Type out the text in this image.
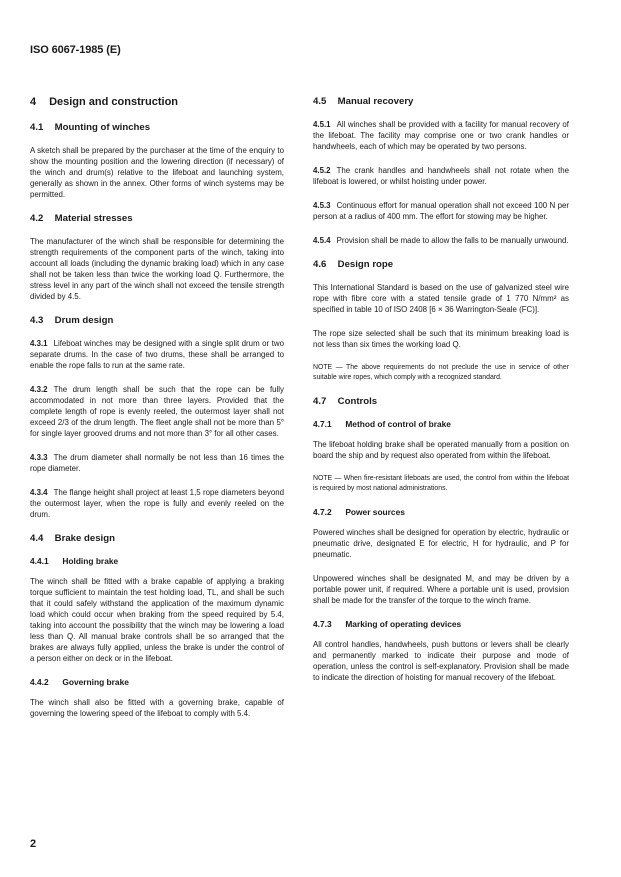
ISO 6067-1985 (E)
4 Design and construction
4.1 Mounting of winches

A sketch shall be prepared by the purchaser at the time of the enquiry to show the mounting position and the lowering direction (if necessary) of the winch and drum(s) relative to the lifeboat and launching system, generally as shown in the annex. Other forms of winch systems may be permitted.

4.2 Material stresses

The manufacturer of the winch shall be responsible for determining the strength requirements of the component parts of the winch, taking into account all loads (including the dynamic braking load) which in any case shall not be taken less than twice the working load Q. Furthermore, the stress level in any part of the winch shall not exceed the tensile strength divided by 4.5.

4.3 Drum design

4.3.1 Lifeboat winches may be designed with a single split drum or two separate drums. In the case of two drums, these shall be arranged to enable the rope falls to run at the same rate.

4.3.2 The drum length shall be such that the rope can be fully accommodated in not more than three layers. Provided that the complete length of rope is evenly reeled, the outermost layer shall not exceed 2/3 of the drum length. The fleet angle shall not be more than 5° for single layer grooved drums and not more than 3° for all other cases.

4.3.3 The drum diameter shall normally be not less than 16 times the rope diameter.

4.3.4 The flange height shall project at least 1,5 rope diameters beyond the outermost layer, when the rope is fully and evenly reeled on the drum.

4.4 Brake design
4.4.1 Holding brake

The winch shall be fitted with a brake capable of applying a braking torque sufficient to maintain the test holding load, TL, and shall be such that it could safely withstand the application of the maximum dynamic load which could occur when braking from the speed required by 5.4, taking into account the possibility that the winch may be lowering a load less than Q. All manual brake controls shall be so arranged that the brakes are always fully applied, unless the brake is under the control of a person either on deck or in the lifeboat.

4.4.2 Governing brake

The winch shall also be fitted with a governing brake, capable of governing the lowering speed of the lifeboat to comply with 5.4.

4.5 Manual recovery

4.5.1 All winches shall be provided with a facility for manual recovery of the lifeboat. The facility may comprise one or two crank handles or handwheels, each of which may be operated by two persons.

4.5.2 The crank handles and handwheels shall not rotate when the lifeboat is lowered, or whilst hoisting under power.

4.5.3 Continuous effort for manual operation shall not exceed 100 N per person at a radius of 400 mm. The effort for stowing may be higher.

4.5.4 Provision shall be made to allow the falls to be manually unwound.

4.6 Design rope

This International Standard is based on the use of galvanized steel wire rope with fibre core with a stated tensile grade of 1 770 N/mm² as specified in table 10 of ISO 2408 [6 × 36 Warrington-Seale (FC)].

The rope size selected shall be such that its minimum breaking load is not less than six times the working load Q.

NOTE — The above requirements do not preclude the use in service of other suitable wire ropes, which comply with a recognized standard.
4.7 Controls
4.7.1 Method of control of brake

The lifeboat holding brake shall be operated manually from a position on board the ship and by request also operated from within the lifeboat.

NOTE — When fire-resistant lifeboats are used, the control from within the lifeboat is required by most national administrations.
4.7.2 Power sources

Powered winches shall be designed for operation by electric, hydraulic or pneumatic drive, designated E for electric, H for hydraulic, and P for pneumatic.

Unpowered winches shall be designated M, and may be driven by a portable power unit, if required. Where a portable unit is used, provision shall be made for the transfer of the torque to the winch frame.

4.7.3 Marking of operating devices

All control handles, handwheels, push buttons or levers shall be clearly and permanently marked to indicate their purpose and mode of operation, unless the control is self-explanatory. Provision shall be made to indicate the direction of hoisting for manual recovery of the lifeboat.

2
